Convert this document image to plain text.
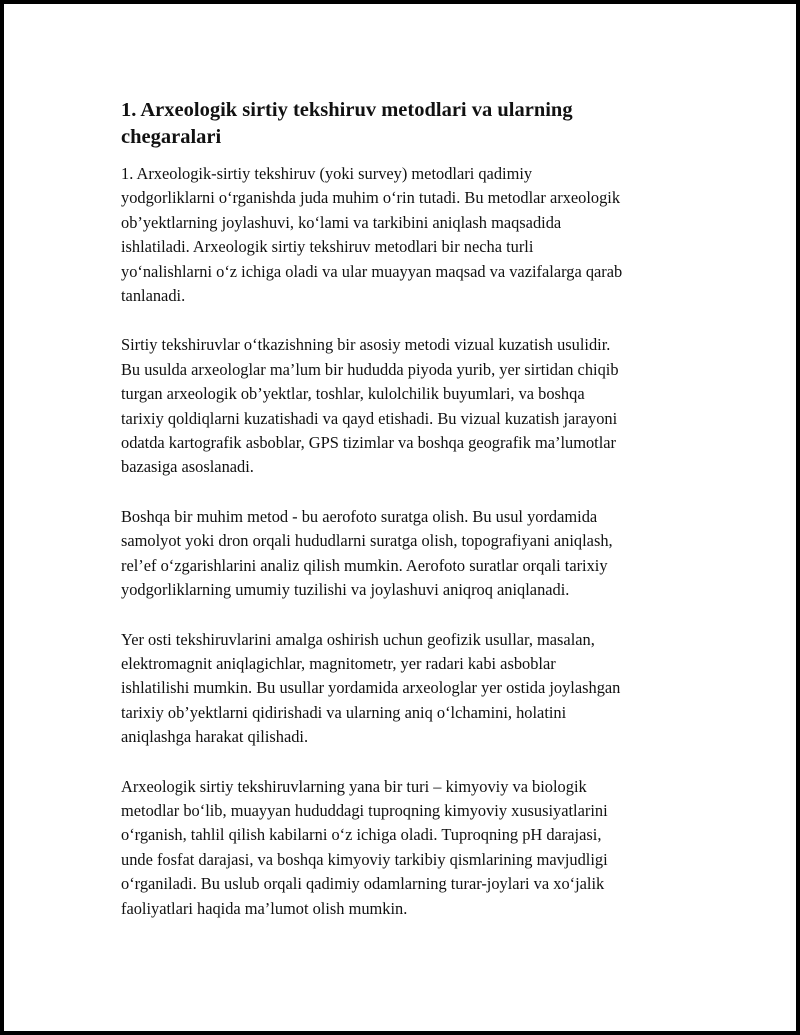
1. Arxeologik sirtiy tekshiruv metodlari va ularning
chegaralari

1. Arxeologik-sirtiy tekshiruv (yoki survey) metodlari qadimiy
yodgorliklarni o‘rganishda juda muhim o‘rin tutadi. Bu metodlar arxeologik
ob’yektlarning joylashuvi, ko‘lami va tarkibini aniqlash maqsadida
ishlatiladi. Arxeologik sirtiy tekshiruv metodlari bir necha turli
yo‘nalishlarni o‘z ichiga oladi va ular muayyan maqsad va vazifalarga qarab
tanlanadi.

Sirtiy tekshiruvlar o‘tkazishning bir asosiy metodi vizual kuzatish usulidir.
Bu usulda arxeologlar ma’lum bir hududda piyoda yurib, yer sirtidan chiqib
turgan arxeologik ob’yektlar, toshlar, kulolchilik buyumlari, va boshqa
tarixiy qoldiqlarni kuzatishadi va qayd etishadi. Bu vizual kuzatish jarayoni
odatda kartografik asboblar, GPS tizimlar va boshqa geografik ma’lumotlar
bazasiga asoslanadi.

Boshqa bir muhim metod - bu aerofoto suratga olish. Bu usul yordamida
samolyot yoki dron orqali hududlarni suratga olish, topografiyani aniqlash,
rel’ef o‘zgarishlarini analiz qilish mumkin. Aerofoto suratlar orqali tarixiy
yodgorliklarning umumiy tuzilishi va joylashuvi aniqroq aniqlanadi.

Yer osti tekshiruvlarini amalga oshirish uchun geofizik usullar, masalan,
elektromagnit aniqlagichlar, magnitometr, yer radari kabi asboblar
ishlatilishi mumkin. Bu usullar yordamida arxeologlar yer ostida joylashgan
tarixiy ob’yektlarni qidirishadi va ularning aniq o‘lchamini, holatini
aniqlashga harakat qilishadi.

Arxeologik sirtiy tekshiruvlarning yana bir turi – kimyoviy va biologik
metodlar bo‘lib, muayyan hududdagi tuproqning kimyoviy xususiyatlarini
o‘rganish, tahlil qilish kabilarni o‘z ichiga oladi. Tuproqning pH darajasi,
unde fosfat darajasi, va boshqa kimyoviy tarkibiy qismlarining mavjudligi
o‘rganiladi. Bu uslub orqali qadimiy odamlarning turar-joylari va xo‘jalik
faoliyatlari haqida ma’lumot olish mumkin.
